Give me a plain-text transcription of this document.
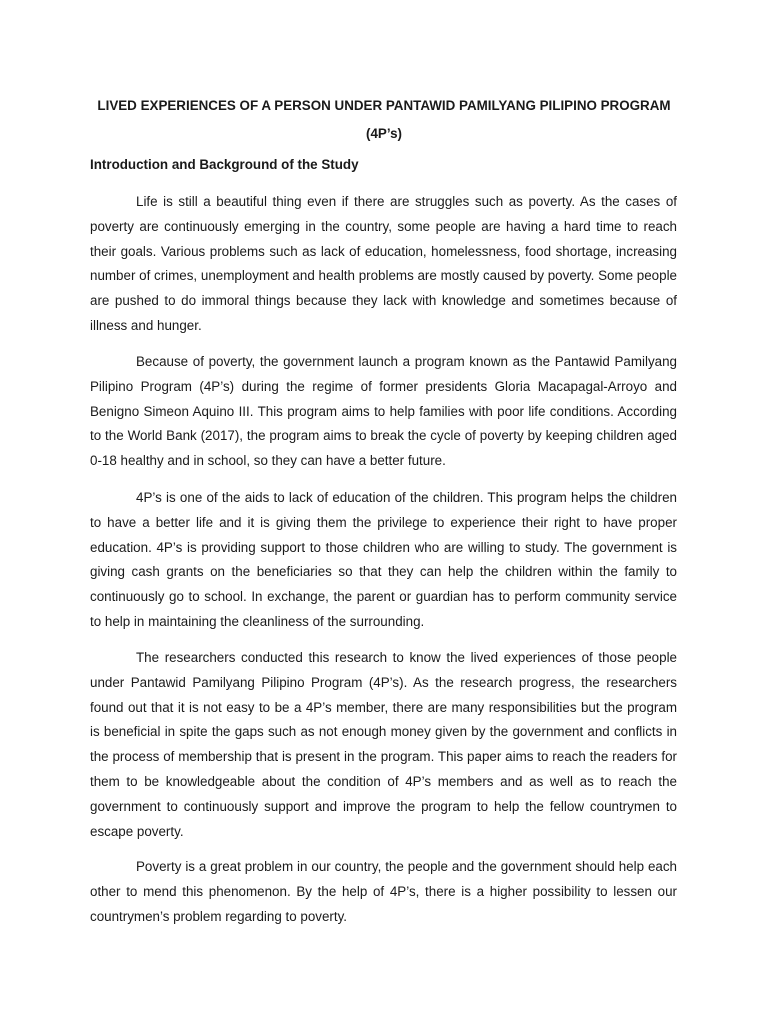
LIVED EXPERIENCES OF A PERSON UNDER PANTAWID PAMILYANG PILIPINO PROGRAM (4P’s)
Introduction and Background of the Study

Life is still a beautiful thing even if there are struggles such as poverty. As the cases of poverty are continuously emerging in the country, some people are having a hard time to reach their goals. Various problems such as lack of education, homelessness, food shortage, increasing number of crimes, unemployment and health problems are mostly caused by poverty. Some people are pushed to do immoral things because they lack with knowledge and sometimes because of illness and hunger.

Because of poverty, the government launch a program known as the Pantawid Pamilyang Pilipino Program (4P’s) during the regime of former presidents Gloria Macapagal-Arroyo and Benigno Simeon Aquino III. This program aims to help families with poor life conditions. According to the World Bank (2017), the program aims to break the cycle of poverty by keeping children aged 0-18 healthy and in school, so they can have a better future.

4P’s is one of the aids to lack of education of the children. This program helps the children to have a better life and it is giving them the privilege to experience their right to have proper education. 4P’s is providing support to those children who are willing to study. The government is giving cash grants on the beneficiaries so that they can help the children within the family to continuously go to school. In exchange, the parent or guardian has to perform community service to help in maintaining the cleanliness of the surrounding.

The researchers conducted this research to know the lived experiences of those people under Pantawid Pamilyang Pilipino Program (4P’s). As the research progress, the researchers found out that it is not easy to be a 4P’s member, there are many responsibilities but the program is beneficial in spite the gaps such as not enough money given by the government and conflicts in the process of membership that is present in the program. This paper aims to reach the readers for them to be knowledgeable about the condition of 4P’s members and as well as to reach the government to continuously support and improve the program to help the fellow countrymen to escape poverty.

Poverty is a great problem in our country, the people and the government should help each other to mend this phenomenon. By the help of 4P’s, there is a higher possibility to lessen our countrymen’s problem regarding to poverty.
